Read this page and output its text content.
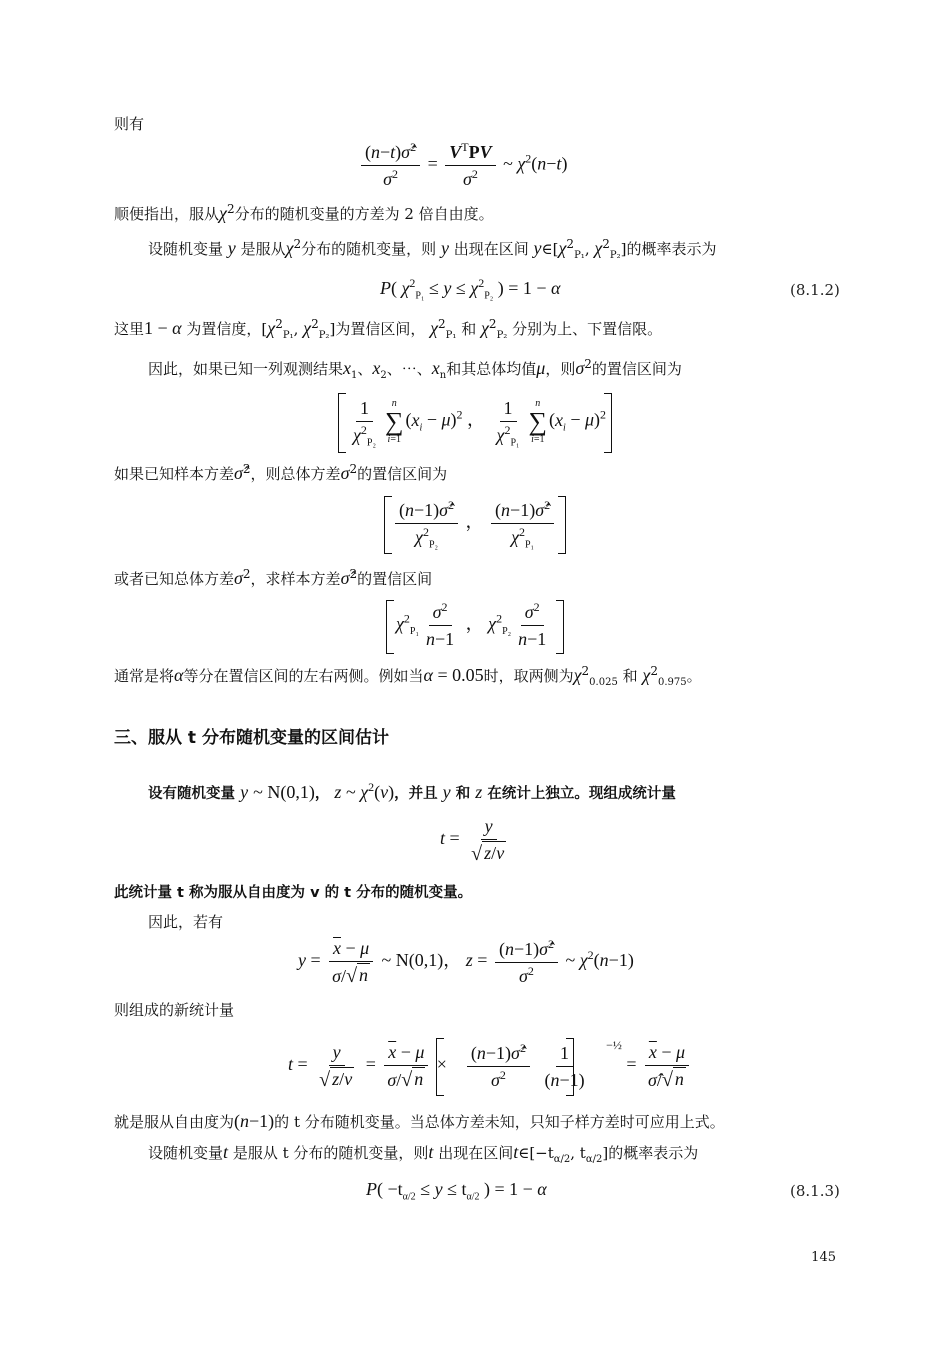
则有
$\frac{(n-t)\sigmâ^2}{\sigma^2} = \frac{V^TPV}{\sigma^2}$ ~ $\chi^2(n-t)$
顺便指出，服从$\chi^2$分布的随机变量的方差为 2 倍自由度。
设随机变量 y 是服从$\chi^2$分布的随机变量，则 y 出现在区间 $y\in[\chi^2_{P_1}$, $\chi^2_{P_2}$]的概率表示为
P( $\chi^2_{P_1} \le y \le \chi^2_{P_2}$ ) = 1 − α	(8.1.2)
这里1 − α 为置信度，[$\chi^2_{P_1}$, $\chi^2_{P_2}$]为置信区间， $\chi^2_{P_1}$ 和 $\chi^2_{P_2}$ 分别为上、下置信限。
因此，如果已知一列观测结果$x_1$、$x_2$、⋯、$x_n$和其总体均值μ，则$\sigma^2$的置信区间为
$\frac{1}{\chi^2_{P_2}}$ n
∑
i=1
$(x_i - \mu)^2$ ， $\frac{1}{\chi^2_{P_1}}$ n
∑
i=1
$(x_i - \mu)^2$
如果已知样本方差σ̂$^2$，则总体方差$\sigma^2$的置信区间为
$\frac{(n-1)\sigmâ^2}{\chi^2_{P_2}}$ ， $\frac{(n-1)\sigmâ^2}{\chi^2_{P_1}}$
或者已知总体方差$\sigma^2$，求样本方差σ̂$^2$的置信区间
$\chi^2_{P_1} \frac{\sigma^2}{n-1}$ ， $\chi^2_{P_2} \frac{\sigma^2}{n-1}$
通常是将α等分在置信区间的左右两侧。例如当α = 0.05时，取两侧为$\chi^2_{0.025}$ 和 $\chi^2_{0.975}$。
三、服从 t 分布随机变量的区间估计
设有随机变量 y ~ N(0,1)， z ~ $\chi^2(v)$，并且 y 和 z 在统计上独立。现组成统计量
$t = \frac{y}{√ z/v}$
此统计量 t 称为服从自由度为 v 的 t 分布的随机变量。
因此，若有
$y = \frac{\overline{x} - \mu}{\sigma/ √ n}$ ~ N(0,1)， $z = \frac{(n-1)\sigmâ^2}{\sigma^2}$ ~ $\chi^2(n-1)$
则组成的新统计量
$t = \frac{y}{√ z/v} = \frac{\overline{x} - \mu}{\sigma/ √ n} \times \frac{(n-1)\sigmâ^2}{\sigma^2}$
$\frac{1}{(n-1)} ^{-\frac{1}{2}} = \frac{\overline{x} - \mu}{\sigmâ/ √ n}$
就是服从自由度为(n−1)的 t 分布随机变量。当总体方差未知，只知子样方差时可应用上式。
设随机变量t 是服从 t 分布的随机变量，则t 出现在区间$t\in[-t_{\alpha/2}$, $t_{\alpha/2}$]的概率表示为
$P( -t_{\alpha/2} \le y \le t_{\alpha/2}$ ) = 1 − α	(8.1.3)
145
